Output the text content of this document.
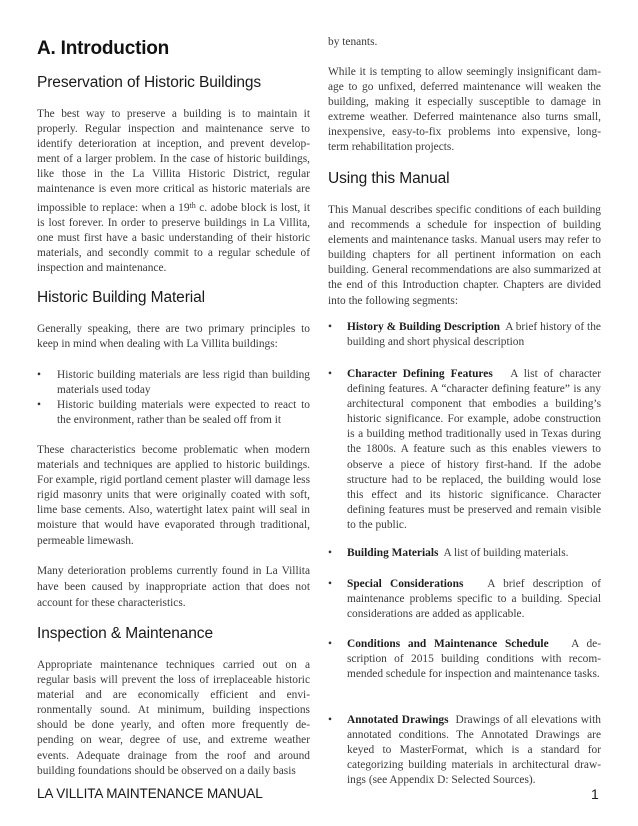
A. Introduction
Preservation of Historic Buildings

The best way to preserve a building is to maintain it properly. Regular inspection and maintenance serve to identify deterioration at inception, and prevent development of a larger problem. In the case of historic buildings, like those in the La Villita Historic District, regular maintenance is even more critical as historic materials are impossible to replace: when a 19th c. adobe block is lost, it is lost forever. In order to preserve buildings in La Villita, one must first have a basic understanding of their historic materials, and secondly commit to a regular schedule of inspection and maintenance.

Historic Building Material

Generally speaking, there are two primary principles to keep in mind when dealing with La Villita buildings:

• Historic building materials are less rigid than building materials used today
• Historic building materials were expected to react to the environment, rather than be sealed off from it

These characteristics become problematic when modern materials and techniques are applied to historic buildings. For example, rigid portland cement plaster will damage less rigid masonry units that were originally coated with soft, lime base cements. Also, watertight latex paint will seal in moisture that would have evaporated through traditional, permeable limewash.

Many deterioration problems currently found in La Villita have been caused by inappropriate action that does not account for these characteristics.

Inspection & Maintenance

Appropriate maintenance techniques carried out on a regular basis will prevent the loss of irreplaceable historic material and are economically efficient and environmentally sound. At minimum, building inspections should be done yearly, and often more frequently depending on wear, degree of use, and extreme weather events. Adequate drainage from the roof and around building foundations should be observed on a daily basis

by tenants.

While it is tempting to allow seemingly insignificant damage to go unfixed, deferred maintenance will weaken the building, making it especially susceptible to damage in extreme weather. Deferred maintenance also turns small, inexpensive, easy-to-fix problems into expensive, long-term rehabilitation projects.

Using this Manual

This Manual describes specific conditions of each building and recommends a schedule for inspection of building elements and maintenance tasks. Manual users may refer to building chapters for all pertinent information on each building. General recommendations are also summarized at the end of this Introduction chapter. Chapters are divided into the following segments:

• History & Building Description A brief history of the building and short physical description
• Character Defining Features A list of character defining features. A “character defining feature” is any architectural component that embodies a building’s historic significance. For example, adobe construction is a building method traditionally used in Texas during the 1800s. A feature such as this enables viewers to observe a piece of history first-hand. If the adobe structure had to be replaced, the building would lose this effect and its historic significance. Character defining features must be preserved and remain visible to the public.
• Building Materials A list of building materials.
• Special Considerations A brief description of maintenance problems specific to a building. Special considerations are added as applicable.
• Conditions and Maintenance Schedule A description of 2015 building conditions with recommended schedule for inspection and maintenance tasks.
• Annotated Drawings Drawings of all elevations with annotated conditions. The Annotated Drawings are keyed to MasterFormat, which is a standard for categorizing building materials in architectural drawings (see Appendix D: Selected Sources).
LA VILLITA MAINTENANCE MANUAL	1
